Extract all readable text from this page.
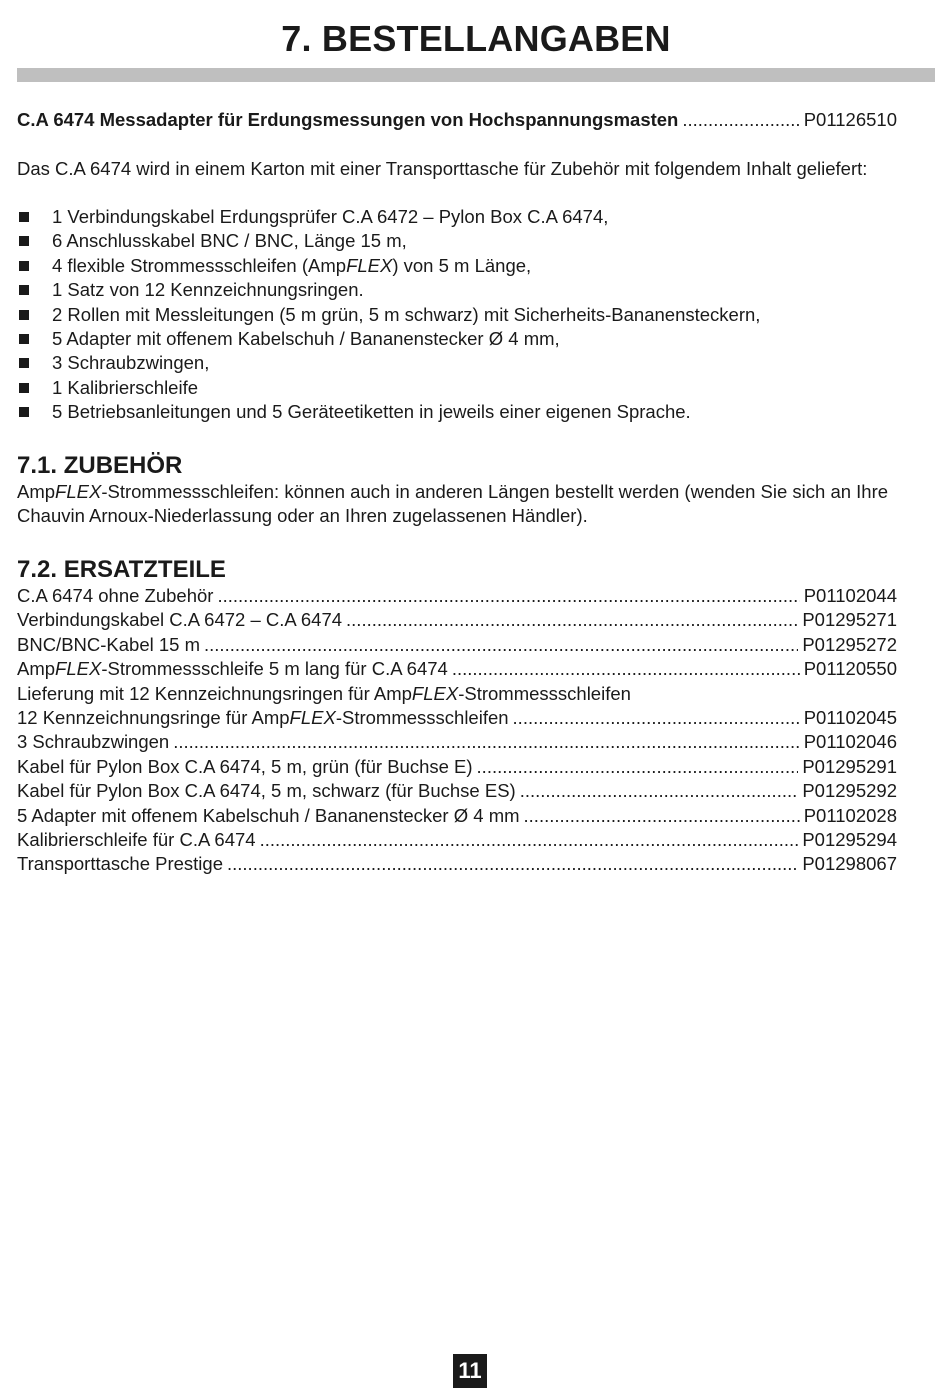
7. BESTELLANGABEN
C.A 6474 Messadapter für Erdungsmessungen von Hochspannungsmasten .....	P01126510

Das C.A 6474 wird in einem Karton mit einer Transporttasche für Zubehör mit folgendem Inhalt geliefert:

1 Verbindungskabel Erdungsprüfer C.A 6472 – Pylon Box C.A 6474,
6 Anschlusskabel BNC / BNC, Länge 15 m,
4 flexible Strommessschleifen (AmpFLEX) von 5 m Länge,
1 Satz von 12 Kennzeichnungsringen.
2 Rollen mit Messleitungen (5 m grün, 5 m schwarz) mit Sicherheits-Bananensteckern,
5 Adapter mit offenem Kabelschuh / Bananenstecker Ø 4 mm,
3 Schraubzwingen,
1 Kalibrierschleife
5 Betriebsanleitungen und 5 Geräteetiketten in jeweils einer eigenen Sprache.
7.1. ZUBEHÖR

AmpFLEX-Strommessschleifen: können auch in anderen Längen bestellt werden (wenden Sie sich an Ihre Chauvin Arnoux-Niederlassung oder an Ihren zugelassenen Händler).

7.2. ERSATZTEILE
C.A 6474 ohne Zubehör .....	P01102044
Verbindungskabel C.A 6472 – C.A 6474 .....	P01295271
BNC/BNC-Kabel 15 m .....	P01295272
AmpFLEX-Strommessschleife 5 m lang für C.A 6474 .....	P01120550
Lieferung mit 12 Kennzeichnungsringen für AmpFLEX-Strommessschleifen
12 Kennzeichnungsringe für AmpFLEX-Strommessschleifen .....	P01102045
3 Schraubzwingen .....	P01102046
Kabel für Pylon Box C.A 6474, 5 m, grün (für Buchse E) .....	P01295291
Kabel für Pylon Box C.A 6474, 5 m, schwarz (für Buchse ES) .....	P01295292
5 Adapter mit offenem Kabelschuh / Bananenstecker Ø 4 mm .....	P01102028
Kalibrierschleife für C.A 6474 .....	P01295294
Transporttasche Prestige .....	P01298067
11
